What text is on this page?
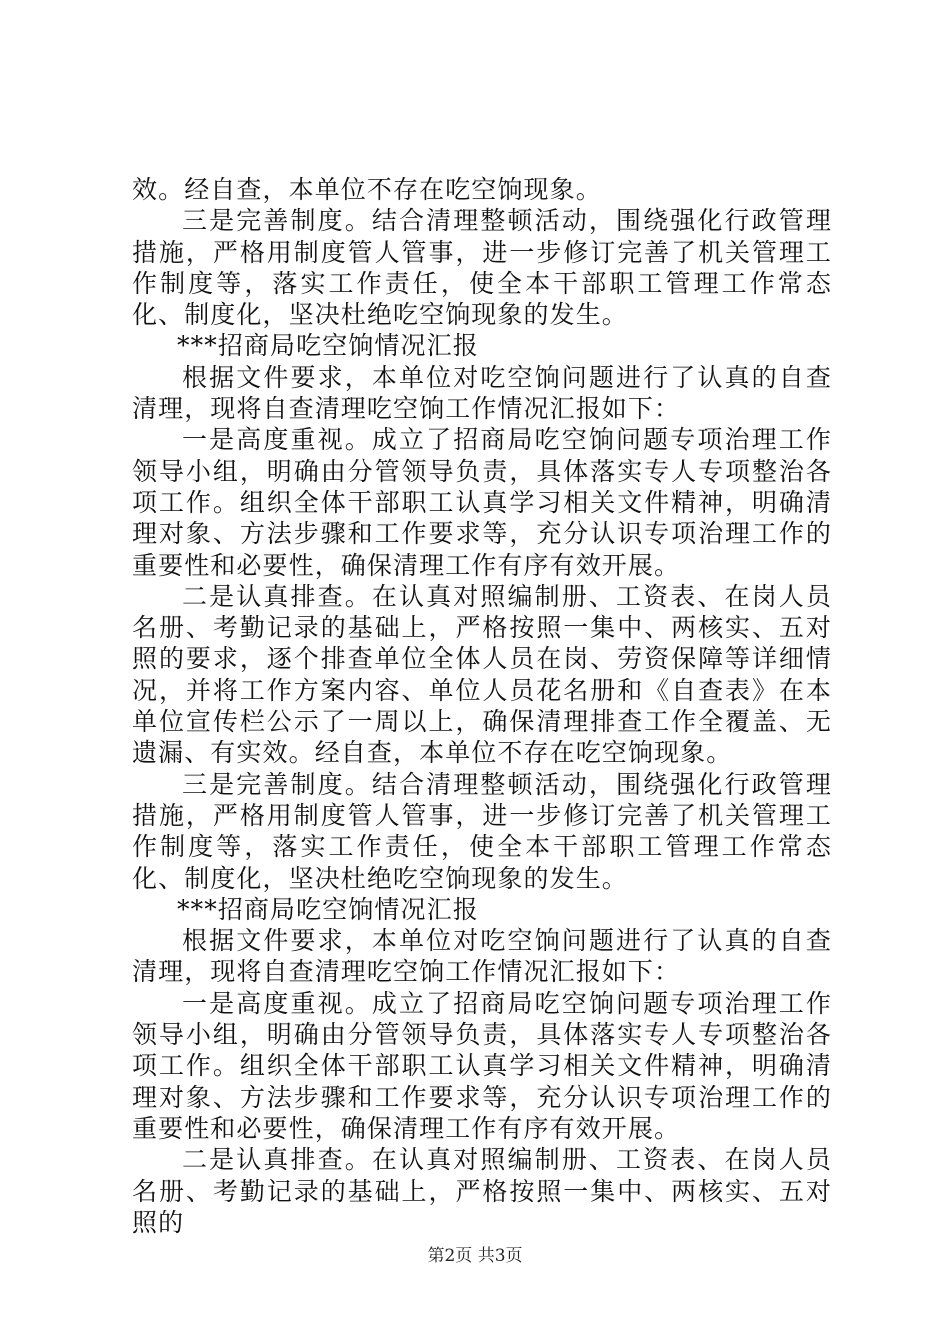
效。经自查，本单位不存在吃空饷现象。

三是完善制度。结合清理整顿活动，围绕强化行政管理措施，严格用制度管人管事，进一步修订完善了机关管理工作制度等，落实工作责任，使全本干部职工管理工作常态化、制度化，坚决杜绝吃空饷现象的发生。

***招商局吃空饷情况汇报

根据文件要求，本单位对吃空饷问题进行了认真的自查清理，现将自查清理吃空饷工作情况汇报如下：

一是高度重视。成立了招商局吃空饷问题专项治理工作领导小组，明确由分管领导负责，具体落实专人专项整治各项工作。组织全体干部职工认真学习相关文件精神，明确清理对象、方法步骤和工作要求等，充分认识专项治理工作的重要性和必要性，确保清理工作有序有效开展。

二是认真排查。在认真对照编制册、工资表、在岗人员名册、考勤记录的基础上，严格按照一集中、两核实、五对照的要求，逐个排查单位全体人员在岗、劳资保障等详细情况，并将工作方案内容、单位人员花名册和《自查表》在本单位宣传栏公示了一周以上，确保清理排查工作全覆盖、无遗漏、有实效。经自查，本单位不存在吃空饷现象。

三是完善制度。结合清理整顿活动，围绕强化行政管理措施，严格用制度管人管事，进一步修订完善了机关管理工作制度等，落实工作责任，使全本干部职工管理工作常态化、制度化，坚决杜绝吃空饷现象的发生。

***招商局吃空饷情况汇报

根据文件要求，本单位对吃空饷问题进行了认真的自查清理，现将自查清理吃空饷工作情况汇报如下：

一是高度重视。成立了招商局吃空饷问题专项治理工作领导小组，明确由分管领导负责，具体落实专人专项整治各项工作。组织全体干部职工认真学习相关文件精神，明确清理对象、方法步骤和工作要求等，充分认识专项治理工作的重要性和必要性，确保清理工作有序有效开展。

二是认真排查。在认真对照编制册、工资表、在岗人员名册、考勤记录的基础上，严格按照一集中、两核实、五对照的

第2页 共3页
